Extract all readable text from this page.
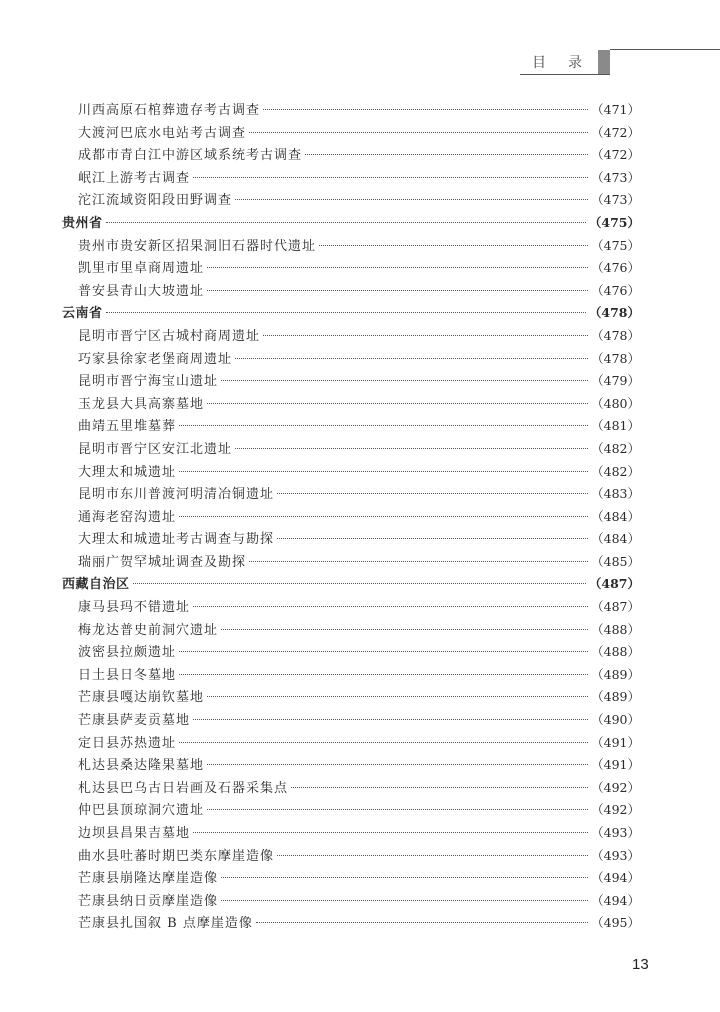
目录
川西高原石棺葬遗存考古调查	（471）
大渡河巴底水电站考古调查	（472）
成都市青白江中游区域系统考古调查	（472）
岷江上游考古调查	（473）
沱江流域资阳段田野调查	（473）
贵州省	（475）
贵州市贵安新区招果洞旧石器时代遗址	（475）
凯里市里卓商周遗址	（476）
普安县青山大坡遗址	（476）
云南省	（478）
昆明市晋宁区古城村商周遗址	（478）
巧家县徐家老堡商周遗址	（478）
昆明市晋宁海宝山遗址	（479）
玉龙县大具高寨墓地	（480）
曲靖五里堆墓葬	（481）
昆明市晋宁区安江北遗址	（482）
大理太和城遗址	（482）
昆明市东川普渡河明清冶铜遗址	（483）
通海老窑沟遗址	（484）
大理太和城遗址考古调查与勘探	（484）
瑞丽广贺罕城址调查及勘探	（485）
西藏自治区	（487）
康马县玛不错遗址	（487）
梅龙达普史前洞穴遗址	（488）
波密县拉颇遗址	（488）
日土县日冬墓地	（489）
芒康县嘎达崩钦墓地	（489）
芒康县萨麦贡墓地	（490）
定日县苏热遗址	（491）
札达县桑达隆果墓地	（491）
札达县巴乌古日岩画及石器采集点	（492）
仲巴县顶琼洞穴遗址	（492）
边坝县昌果吉墓地	（493）
曲水县吐蕃时期巴类东摩崖造像	（493）
芒康县崩隆达摩崖造像	（494）
芒康县纳日贡摩崖造像	（494）
芒康县扎国叙 B 点摩崖造像	（495）
13
